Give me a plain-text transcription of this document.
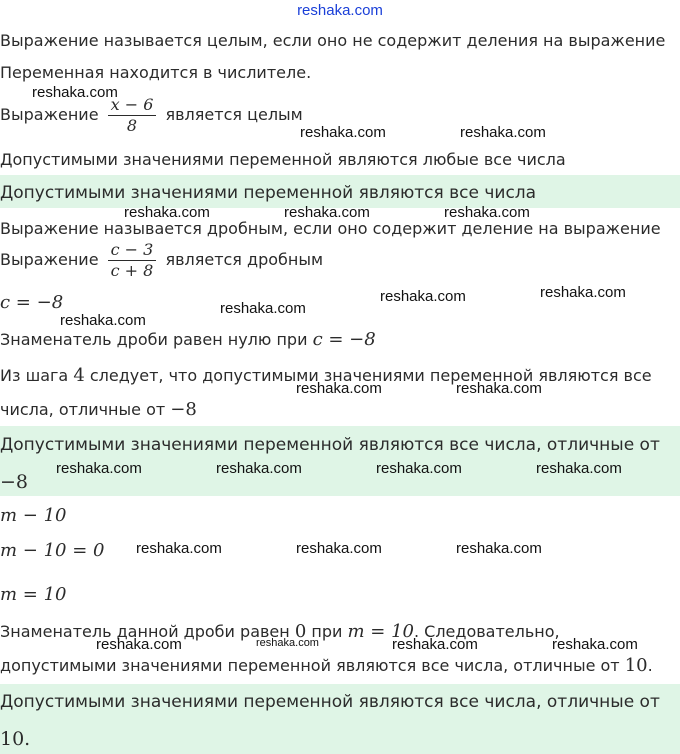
reshaka.com
Выражение называется целым, если оно не содержит деления на выражение
Переменная находится в числителе.
Выражение $\frac{x - 6}{8}$ является целым
Допустимыми значениями переменной являются любые все числа
Допустимыми значениями переменной являются все числа
Выражение называется дробным, если оно содержит деление на выражение
Выражение $\frac{c - 3}{c + 8}$ является дробным
c = −8
Знаменатель дроби равен нулю при c = −8
Из шага 4 следует, что допустимыми значениями переменной являются все
числа, отличные от −8
Допустимыми значениями переменной являются все числа, отличные от
−8
m − 10
m − 10 = 0
m = 10
Знаменатель данной дроби равен 0 при m = 10. Следовательно,
допустимыми значениями переменной являются все числа, отличные от 10.
Допустимыми значениями переменной являются все числа, отличные от
10.
reshaka.com
reshaka.com	reshaka.com
reshaka.com	reshaka.com	reshaka.com
reshaka.com	reshaka.com
reshaka.com
reshaka.com
reshaka.com	reshaka.com
reshaka.com	reshaka.com	reshaka.com	reshaka.com
reshaka.com	reshaka.com	reshaka.com
reshaka.com	reshaka.com	reshaka.com	reshaka.com
